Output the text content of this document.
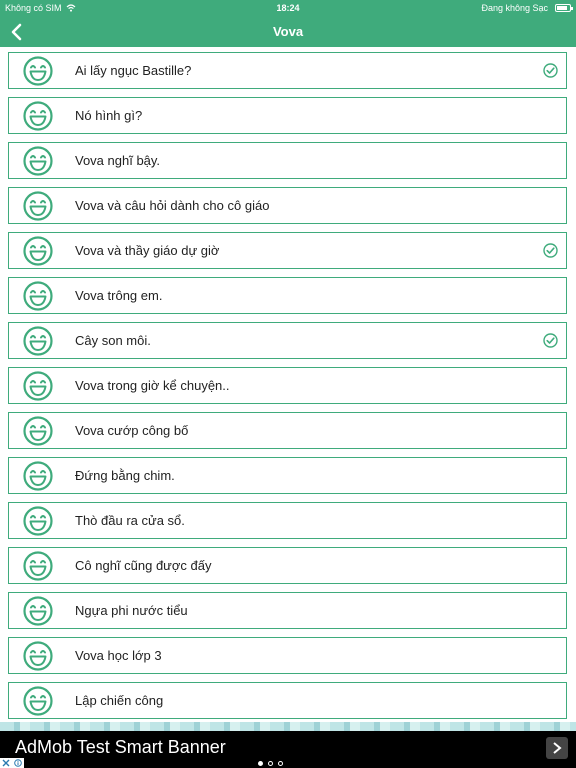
Không có SIM	18:24	Đang không Sạc
Vova
Ai lấy ngục Bastille?
Nó hình gì?
Vova nghĩ bậy.
Vova và câu hỏi dành cho cô giáo
Vova và thầy giáo dự giờ
Vova trông em.
Cây son môi.
Vova trong giờ kể chuyện..
Vova cướp công bố
Đứng bằng chim.
Thò đầu ra cửa sổ.
Cô nghĩ cũng được đấy
Ngựa phi nước tiểu
Vova học lớp 3
Lập chiến công
AdMob Test Smart Banner
